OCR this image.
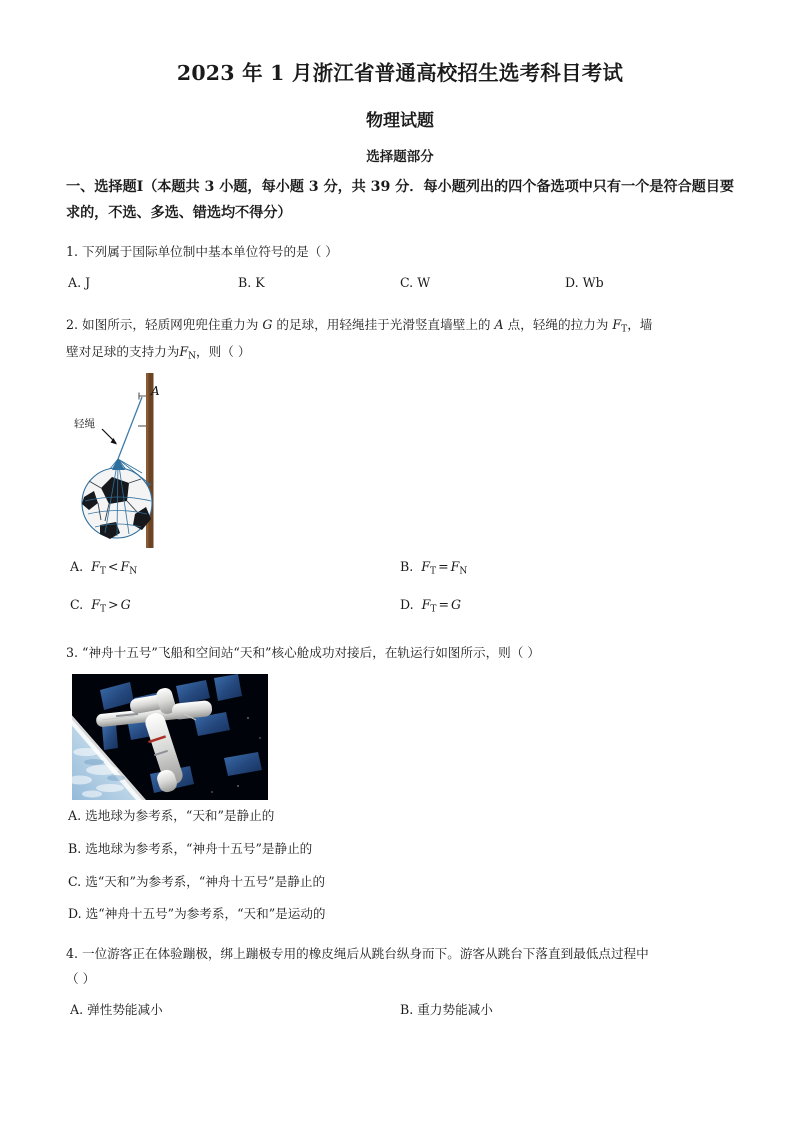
2023 年 1 月浙江省普通高校招生选考科目考试
物理试题
选择题部分
一、选择题Ⅰ（本题共 3 小题，每小题 3 分，共 39 分．每小题列出的四个备选项中只有一个是符合题目要求的，不选、多选、错选均不得分）
1. 下列属于国际单位制中基本单位符号的是（ ）
A. J	B. K	C. W	D. Wb
2. 如图所示，轻质网兜兜住重力为 G 的足球，用轻绳挂于光滑竖直墙壁上的 A 点，轻绳的拉力为 $F_T$，墙
壁对足球的支持力为$F_N$，则（ ）
轻绳
A
A. $F_T < F_N$	B. $F_T = F_N$
C. $F_T > G$	D. $F_T = G$
3. “神舟十五号”飞船和空间站“天和”核心舱成功对接后，在轨运行如图所示，则（ ）
A. 选地球为参考系，“天和”是静止的
B. 选地球为参考系，“神舟十五号”是静止的
C. 选“天和”为参考系，“神舟十五号”是静止的
D. 选“神舟十五号”为参考系，“天和”是运动的
4. 一位游客正在体验蹦极，绑上蹦极专用的橡皮绳后从跳台纵身而下。游客从跳台下落直到最低点过程中
（ ）
A. 弹性势能减小	B. 重力势能减小
